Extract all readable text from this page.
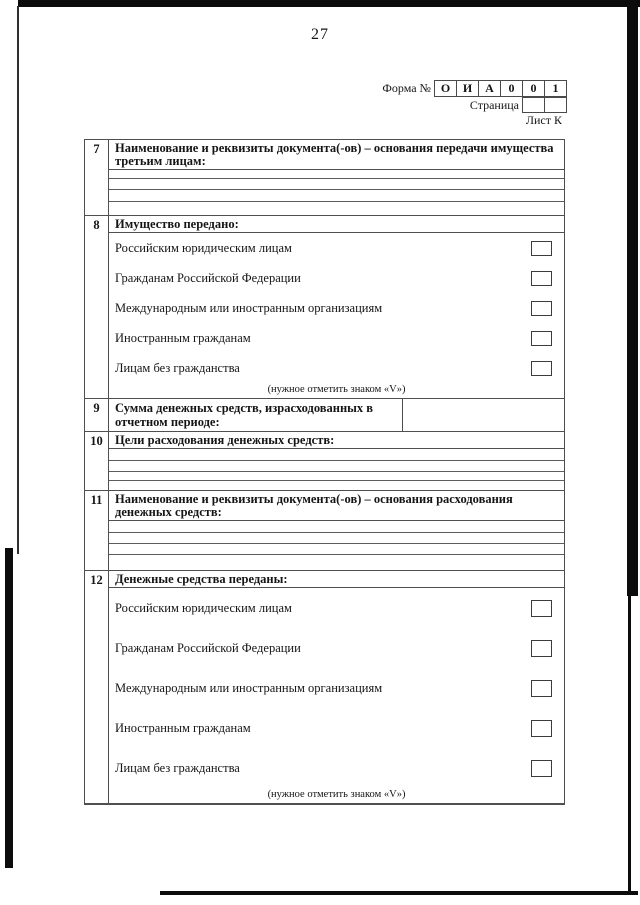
27
Форма № О	И	А	0	0	1
Страница
Лист К
7	Наименование и реквизиты документа(-ов) – основания передачи имущества третьим лицам:
8	Имущество передано:
Российским юридическим лицам
Гражданам Российской Федерации
Международным или иностранным организациям
Иностранным гражданам
Лицам без гражданства
(нужное отметить знаком «V»)
9	Сумма денежных средств, израсходованных в отчетном периоде:
10 Цели расходования денежных средств:
11	Наименование и реквизиты документа(-ов) – основания расходования денежных средств:
12 Денежные средства переданы:
Российским юридическим лицам
Гражданам Российской Федерации
Международным или иностранным организациям
Иностранным гражданам
Лицам без гражданства
(нужное отметить знаком «V»)
